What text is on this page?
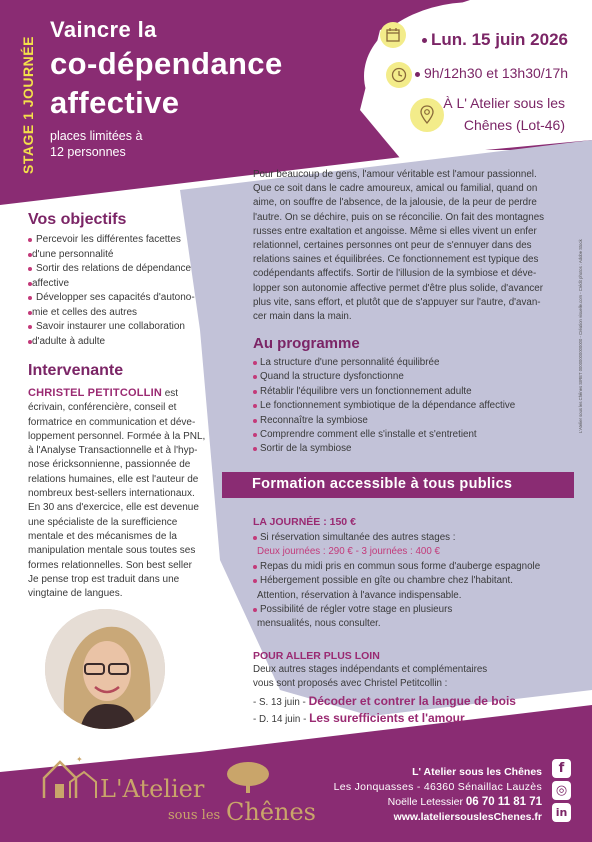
STAGE 1 JOURNÉE
Vaincre la
co-dépendance
affective
places limitées à
12 personnes
Lun. 15 juin 2026
9h/12h30 et 13h30/17h
À L' Atelier sous les
Chênes (Lot-46)
Vos objectifs
Percevoir les différentes facettes
d'une personnalité
Sortir des relations de dépendance
affective
Développer ses capacités d'autono-
mie et celles des autres
Savoir instaurer une collaboration
d'adulte à adulte
Intervenante
CHRISTEL PETITCOLLIN est
écrivain, conférencière, conseil et
formatrice en communication et déve-
loppement personnel. Formée à la PNL,
à l'Analyse Transactionnelle et à l'hyp-
nose éricksonnienne, passionnée de
relations humaines, elle est l'auteur de
nombreux best-sellers internationaux.
En 30 ans d'exercice, elle est devenue
une spécialiste de la surefficience
mentale et des mécanismes de la
manipulation mentale sous toutes ses
formes relationnelles. Son best seller
Je pense trop est traduit dans une
vingtaine de langues.
Pour beaucoup de gens, l'amour véritable est l'amour passionnel.
Que ce soit dans le cadre amoureux, amical ou familial, quand on
aime, on souffre de l'absence, de la jalousie, de la peur de perdre
l'autre. On se déchire, puis on se réconcilie. On fait des montagnes
russes entre exaltation et angoisse. Même si elles vivent un enfer
relationnel, certaines personnes ont peur de s'ennuyer dans des
relations saines et équilibrées. Ce fonctionnement est typique des
codépendants affectifs. Sortir de l'illusion de la symbiose et déve-
lopper son autonomie affective permet d'être plus solide, d'avancer
plus vite, sans effort, et plutôt que de s'appuyer sur l'autre, d'avan-
cer main dans la main.
Au programme
La structure d'une personnalité équilibrée
Quand la structure dysfonctionne
Rétablir l'équilibre vers un fonctionnement adulte
Le fonctionnement symbiotique de la dépendance affective
Reconnaître la symbiose
Comprendre comment elle s'installe et s'entretient
Sortir de la symbiose
Formation accessible à tous publics
LA JOURNÉE : 150 €
Si réservation simultanée des autres stages :
Deux journées : 290 € - 3 journées : 400 €
Repas du midi pris en commun sous forme d'auberge espagnole
Hébergement possible en gîte ou chambre chez l'habitant.
Attention, réservation à l'avance indispensable.
Possibilité de régler votre stage en plusieurs
mensualités, nous consulter.
POUR ALLER PLUS LOIN
Deux autres stages indépendants et complémentaires
vous sont proposés avec Christel Petitcollin :
- S. 13 juin - Décoder et contrer la langue de bois
- D. 14 juin - Les surefficients et l'amour
L'Atelier sous les Chênes SIRET 00000000000000 - Création visuelle.com - Crédit photos : Adobe Stock
✦
L'Atelier
sous les Chênes
L' Atelier sous les Chênes
Les Jonquasses - 46360 Sénaillac Lauzès
Noëlle Letessier 06 70 11 81 71
www.lateliersouslesChenes.fr
f
◎
in
